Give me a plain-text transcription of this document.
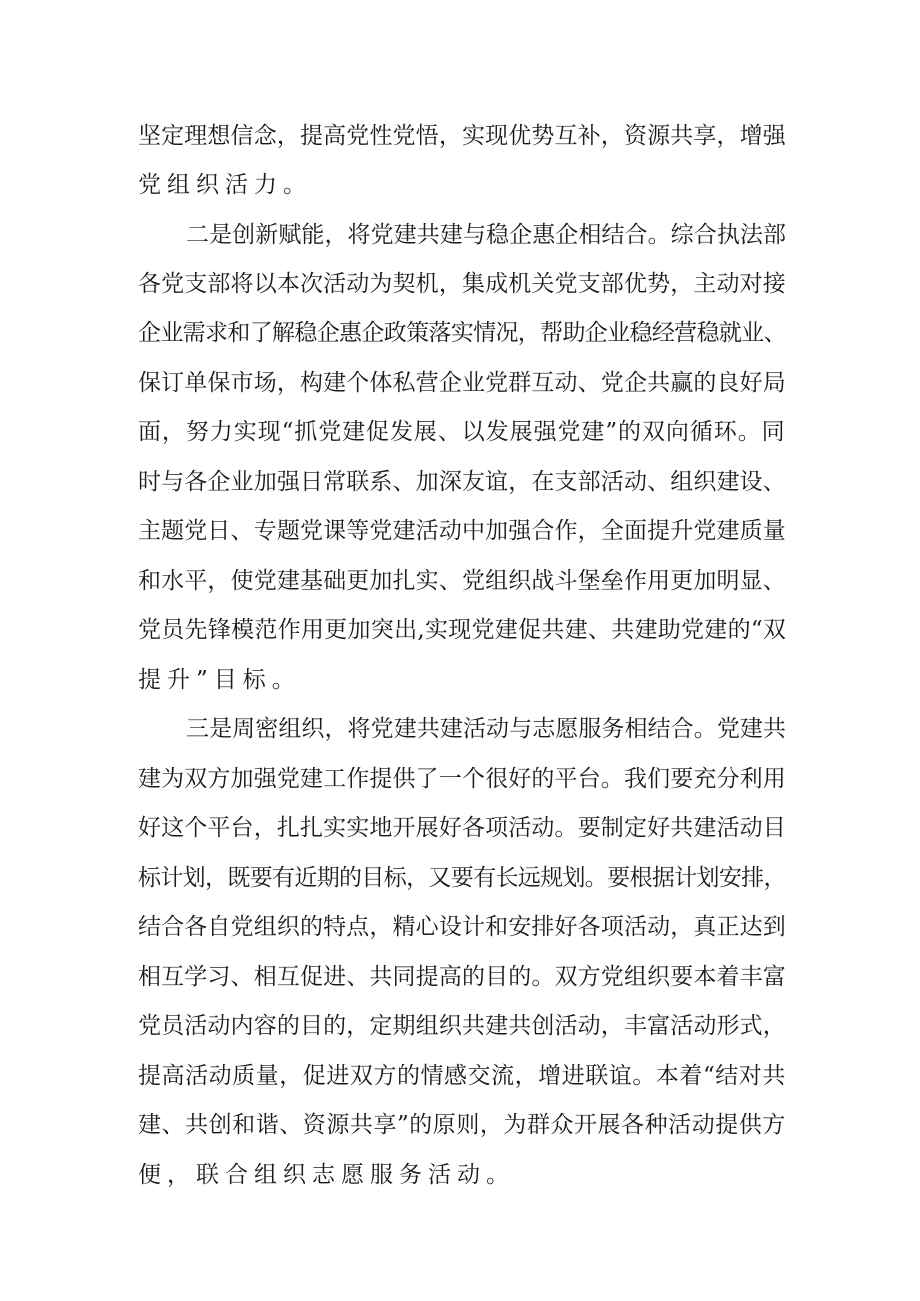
坚定理想信念，提高党性党悟，实现优势互补，资源共享，增强

党组织活力。

二是创新赋能，将党建共建与稳企惠企相结合。综合执法部

各党支部将以本次活动为契机，集成机关党支部优势，主动对接

企业需求和了解稳企惠企政策落实情况，帮助企业稳经营稳就业、

保订单保市场，构建个体私营企业党群互动、党企共赢的良好局

面，努力实现“抓党建促发展、以发展强党建”的双向循环。同

时与各企业加强日常联系、加深友谊，在支部活动、组织建设、

主题党日、专题党课等党建活动中加强合作，全面提升党建质量

和水平，使党建基础更加扎实、党组织战斗堡垒作用更加明显、

党员先锋模范作用更加突出,实现党建促共建、共建助党建的“双

提升”目标。

三是周密组织，将党建共建活动与志愿服务相结合。党建共

建为双方加强党建工作提供了一个很好的平台。我们要充分利用

好这个平台，扎扎实实地开展好各项活动。要制定好共建活动目

标计划，既要有近期的目标，又要有长远规划。要根据计划安排，

结合各自党组织的特点，精心设计和安排好各项活动，真正达到

相互学习、相互促进、共同提高的目的。双方党组织要本着丰富

党员活动内容的目的，定期组织共建共创活动，丰富活动形式，

提高活动质量，促进双方的情感交流，增进联谊。本着“结对共

建、共创和谐、资源共享”的原则，为群众开展各种活动提供方

便，联合组织志愿服务活动。
